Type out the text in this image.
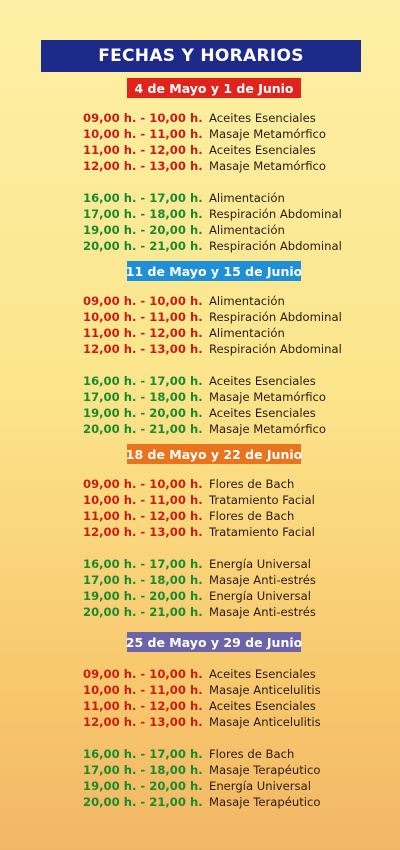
FECHAS Y HORARIOS
4 de Mayo y 1 de Junio
09,00 h. - 10,00 h. Aceites Esenciales
10,00 h. - 11,00 h. Masaje Metamórfico
11,00 h. - 12,00 h. Aceites Esenciales
12,00 h. - 13,00 h. Masaje Metamórfico
16,00 h. - 17,00 h. Alimentación
17,00 h. - 18,00 h. Respiración Abdominal
19,00 h. - 20,00 h. Alimentación
20,00 h. - 21,00 h. Respiración Abdominal
11 de Mayo y 15 de Junio
09,00 h. - 10,00 h. Alimentación
10,00 h. - 11,00 h. Respiración Abdominal
11,00 h. - 12,00 h. Alimentación
12,00 h. - 13,00 h. Respiración Abdominal
16,00 h. - 17,00 h. Aceites Esenciales
17,00 h. - 18,00 h. Masaje Metamórfico
19,00 h. - 20,00 h. Aceites Esenciales
20,00 h. - 21,00 h. Masaje Metamórfico
18 de Mayo y 22 de Junio
09,00 h. - 10,00 h. Flores de Bach
10,00 h. - 11,00 h. Tratamiento Facial
11,00 h. - 12,00 h. Flores de Bach
12,00 h. - 13,00 h. Tratamiento Facial
16,00 h. - 17,00 h. Energía Universal
17,00 h. - 18,00 h. Masaje Anti-estrés
19,00 h. - 20,00 h. Energía Universal
20,00 h. - 21,00 h. Masaje Anti-estrés
25 de Mayo y 29 de Junio
09,00 h. - 10,00 h. Aceites Esenciales
10,00 h. - 11,00 h. Masaje Anticelulitis
11,00 h. - 12,00 h. Aceites Esenciales
12,00 h. - 13,00 h. Masaje Anticelulitis
16,00 h. - 17,00 h. Flores de Bach
17,00 h. - 18,00 h. Masaje Terapéutico
19,00 h. - 20,00 h. Energía Universal
20,00 h. - 21,00 h. Masaje Terapéutico
